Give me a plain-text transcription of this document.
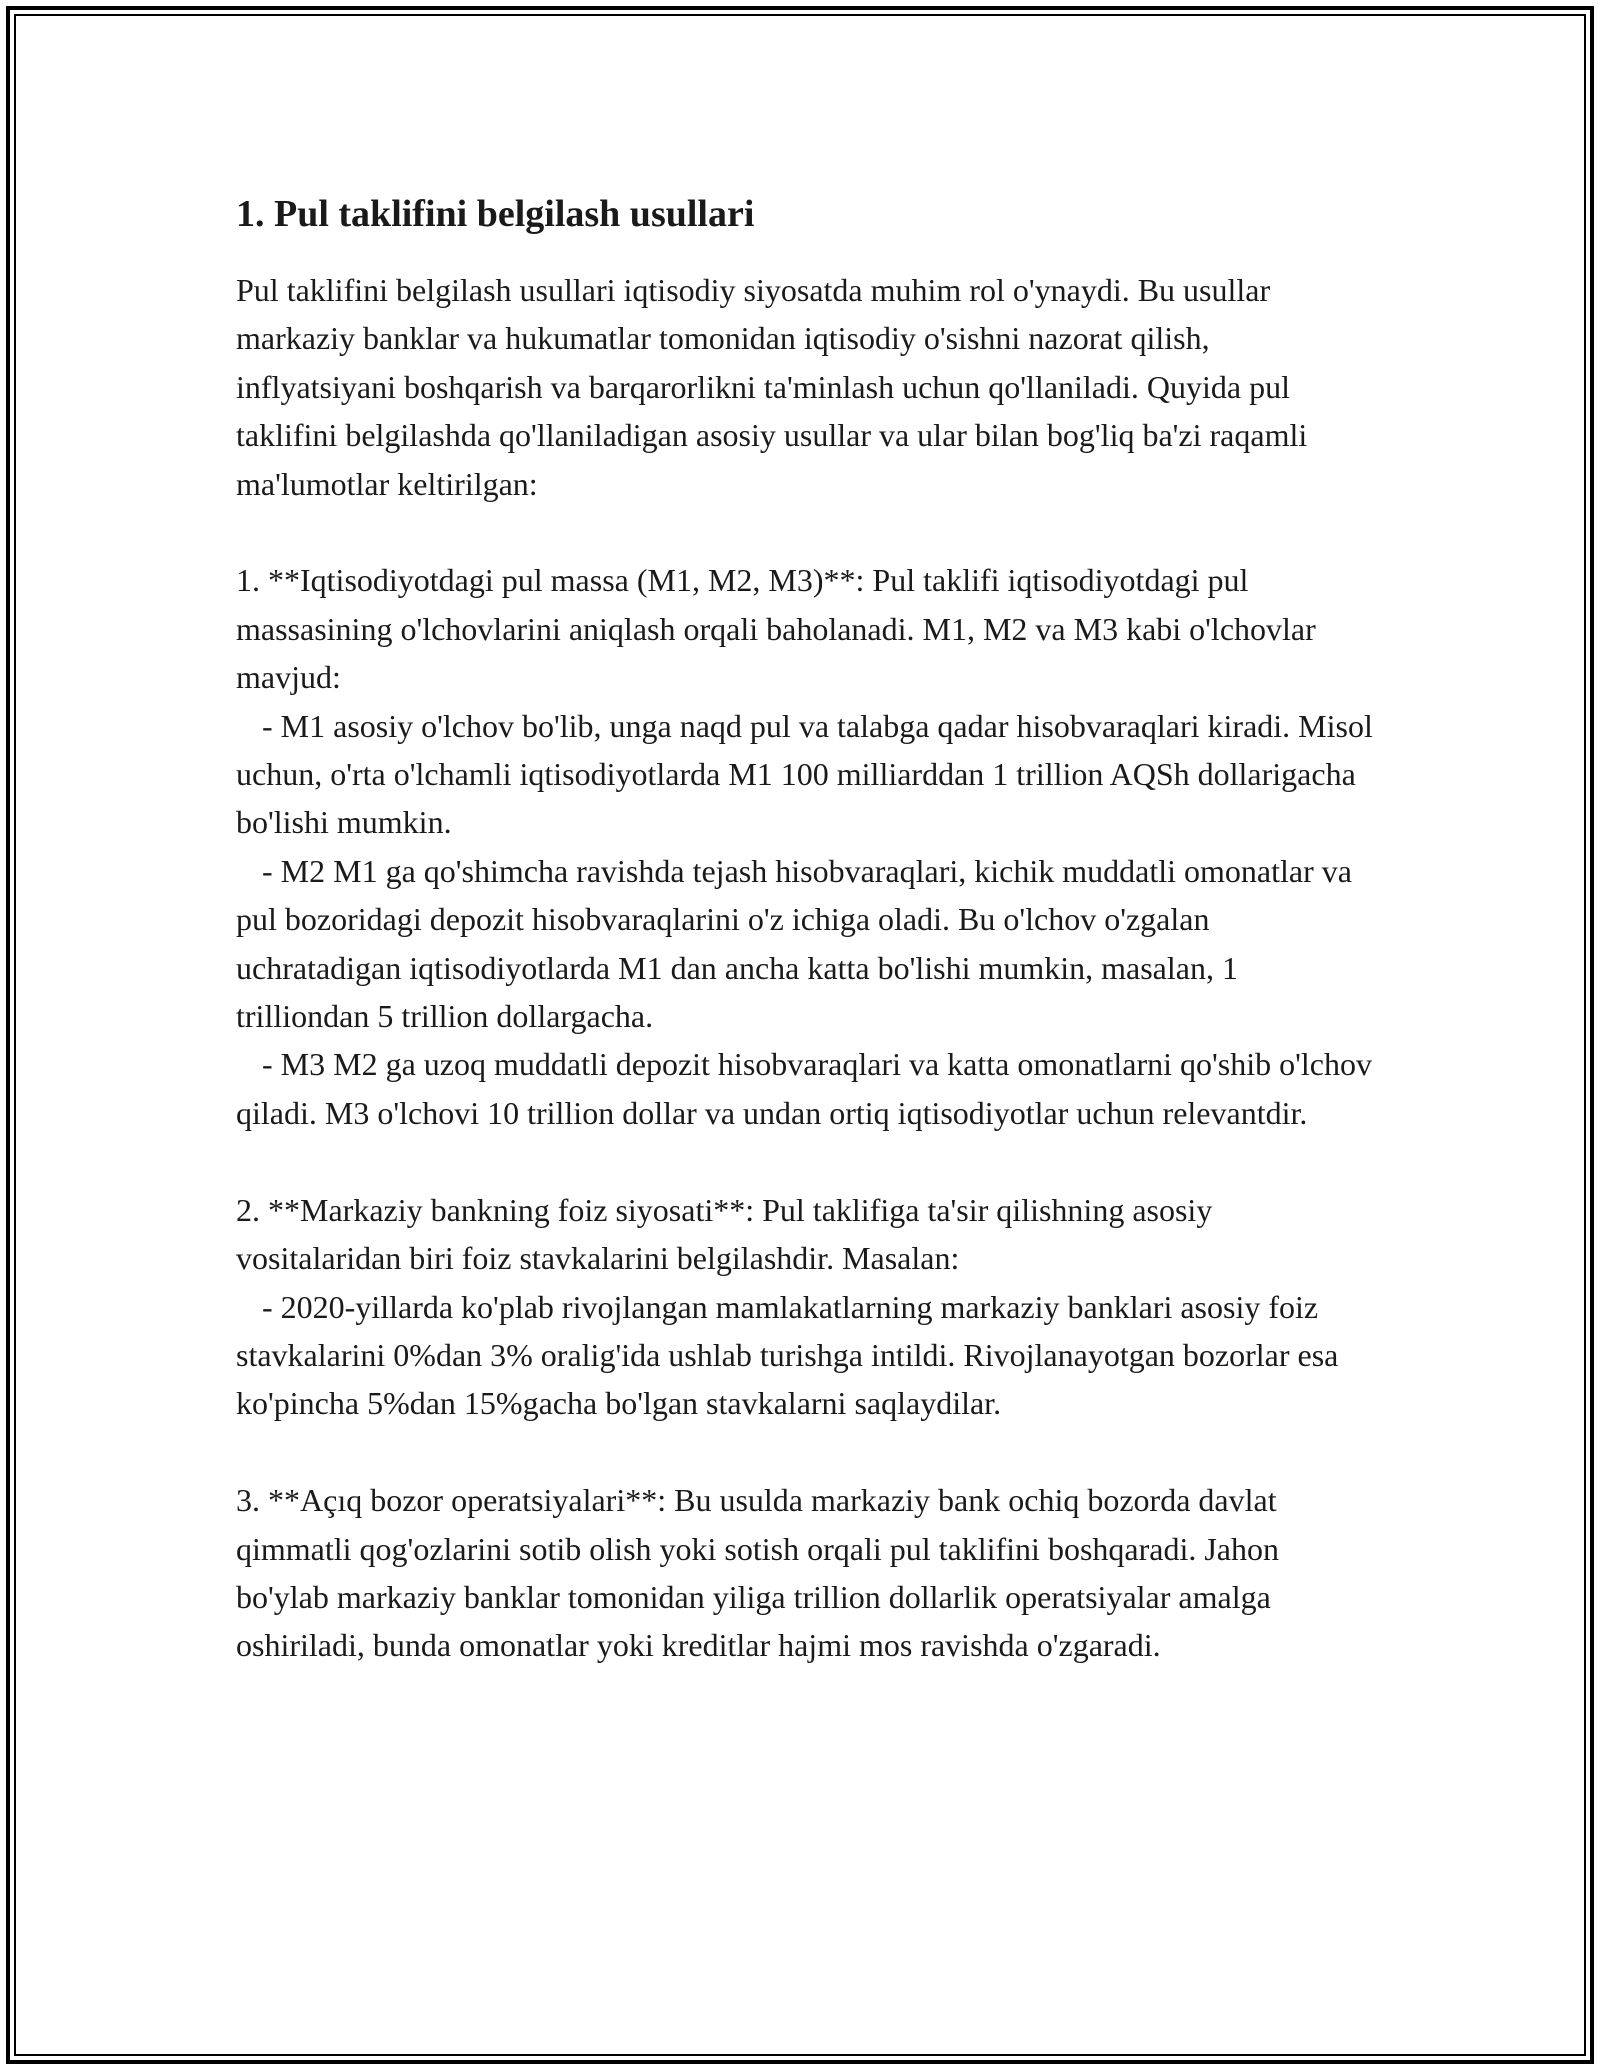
1. Pul taklifini belgilash usullari

Pul taklifini belgilash usullari iqtisodiy siyosatda muhim rol o'ynaydi. Bu usullar markaziy banklar va hukumatlar tomonidan iqtisodiy o'sishni nazorat qilish, inflyatsiyani boshqarish va barqarorlikni ta'minlash uchun qo'llaniladi. Quyida pul taklifini belgilashda qo'llaniladigan asosiy usullar va ular bilan bog'liq ba'zi raqamli ma'lumotlar keltirilgan:

1. **Iqtisodiyotdagi pul massa (M1, M2, M3)**: Pul taklifi iqtisodiyotdagi pul massasining o'lchovlarini aniqlash orqali baholanadi. M1, M2 va M3 kabi o'lchovlar mavjud:

- M1 asosiy o'lchov bo'lib, unga naqd pul va talabga qadar hisobvaraqlari kiradi. Misol uchun, o'rta o'lchamli iqtisodiyotlarda M1 100 milliarddan 1 trillion AQSh dollarigacha bo'lishi mumkin.

- M2 M1 ga qo'shimcha ravishda tejash hisobvaraqlari, kichik muddatli omonatlar va pul bozoridagi depozit hisobvaraqlarini o'z ichiga oladi. Bu o'lchov o'zgalan uchratadigan iqtisodiyotlarda M1 dan ancha katta bo'lishi mumkin, masalan, 1 trilliondan 5 trillion dollargacha.

- M3 M2 ga uzoq muddatli depozit hisobvaraqlari va katta omonatlarni qo'shib o'lchov qiladi. M3 o'lchovi 10 trillion dollar va undan ortiq iqtisodiyotlar uchun relevantdir.

2. **Markaziy bankning foiz siyosati**: Pul taklifiga ta'sir qilishning asosiy vositalaridan biri foiz stavkalarini belgilashdir. Masalan:

- 2020-yillarda ko'plab rivojlangan mamlakatlarning markaziy banklari asosiy foiz stavkalarini 0%dan 3% oralig'ida ushlab turishga intildi. Rivojlanayotgan bozorlar esa ko'pincha 5%dan 15%gacha bo'lgan stavkalarni saqlaydilar.

3. **Açıq bozor operatsiyalari**: Bu usulda markaziy bank ochiq bozorda davlat qimmatli qog'ozlarini sotib olish yoki sotish orqali pul taklifini boshqaradi. Jahon bo'ylab markaziy banklar tomonidan yiliga trillion dollarlik operatsiyalar amalga oshiriladi, bunda omonatlar yoki kreditlar hajmi mos ravishda o'zgaradi.
